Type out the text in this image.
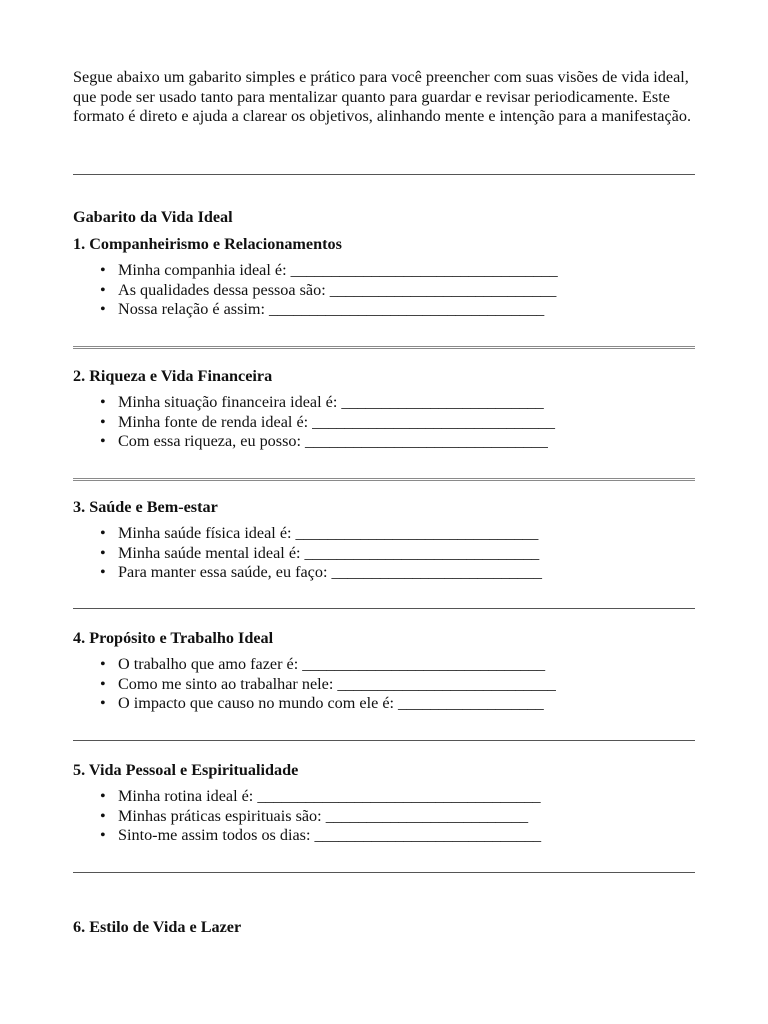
Segue abaixo um gabarito simples e prático para você preencher com suas visões de vida ideal, que pode ser usado tanto para mentalizar quanto para guardar e revisar periodicamente. Este formato é direto e ajuda a clarear os objetivos, alinhando mente e intenção para a manifestação.

Gabarito da Vida Ideal
1. Companheirismo e Relacionamentos
• Minha companhia ideal é: _________________________________
• As qualidades dessa pessoa são: ____________________________
• Nossa relação é assim: __________________________________
2. Riqueza e Vida Financeira
• Minha situação financeira ideal é: _________________________
• Minha fonte de renda ideal é: ______________________________
• Com essa riqueza, eu posso: ______________________________
3. Saúde e Bem-estar
• Minha saúde física ideal é: ______________________________
• Minha saúde mental ideal é: _____________________________
• Para manter essa saúde, eu faço: __________________________
4. Propósito e Trabalho Ideal
• O trabalho que amo fazer é: ______________________________
• Como me sinto ao trabalhar nele: ___________________________
• O impacto que causo no mundo com ele é: __________________
5. Vida Pessoal e Espiritualidade
• Minha rotina ideal é: ___________________________________
• Minhas práticas espirituais são: _________________________
• Sinto-me assim todos os dias: ____________________________
6. Estilo de Vida e Lazer
